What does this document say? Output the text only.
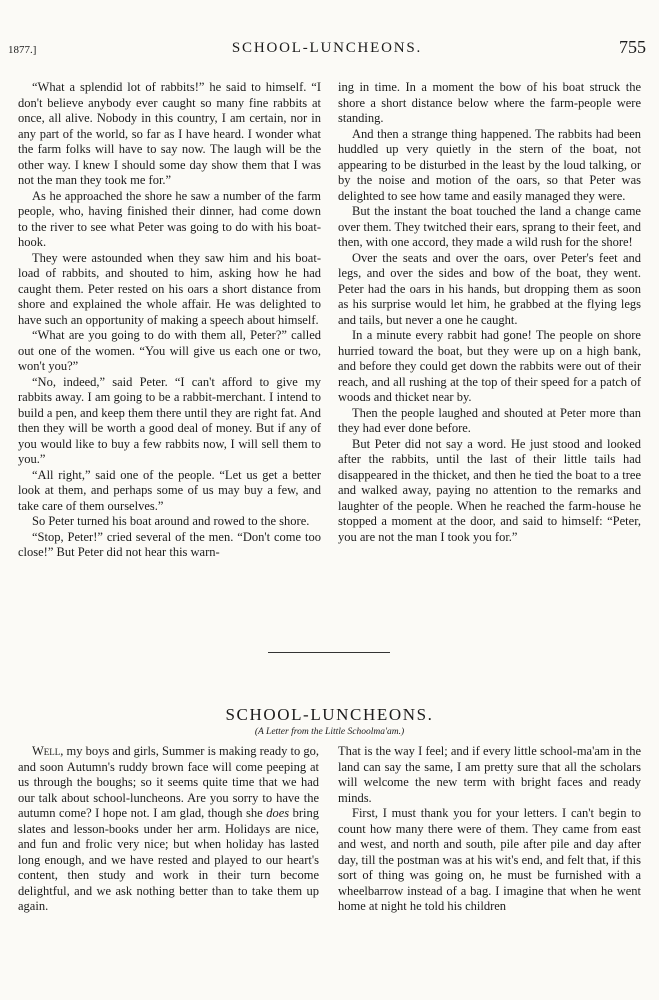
1877.]	SCHOOL-LUNCHEONS.	755

“What a splendid lot of rabbits!” he said to himself. “I don't believe anybody ever caught so many fine rabbits at once, all alive. Nobody in this country, I am certain, nor in any part of the world, so far as I have heard. I wonder what the farm folks will have to say now. The laugh will be the other way. I knew I should some day show them that I was not the man they took me for.”

As he approached the shore he saw a number of the farm people, who, having finished their dinner, had come down to the river to see what Peter was going to do with his boat-hook.

They were astounded when they saw him and his boat-load of rabbits, and shouted to him, asking how he had caught them. Peter rested on his oars a short distance from shore and explained the whole affair. He was delighted to have such an opportunity of making a speech about himself.

“What are you going to do with them all, Peter?” called out one of the women. “You will give us each one or two, won't you?”

“No, indeed,” said Peter. “I can't afford to give my rabbits away. I am going to be a rabbit-merchant. I intend to build a pen, and keep them there until they are right fat. And then they will be worth a good deal of money. But if any of you would like to buy a few rabbits now, I will sell them to you.”

“All right,” said one of the people. “Let us get a better look at them, and perhaps some of us may buy a few, and take care of them ourselves.”

So Peter turned his boat around and rowed to the shore.

“Stop, Peter!” cried several of the men. “Don't come too close!” But Peter did not hear this warn-

ing in time. In a moment the bow of his boat struck the shore a short distance below where the farm-people were standing.

And then a strange thing happened. The rabbits had been huddled up very quietly in the stern of the boat, not appearing to be disturbed in the least by the loud talking, or by the noise and motion of the oars, so that Peter was delighted to see how tame and easily managed they were.

But the instant the boat touched the land a change came over them. They twitched their ears, sprang to their feet, and then, with one accord, they made a wild rush for the shore!

Over the seats and over the oars, over Peter's feet and legs, and over the sides and bow of the boat, they went. Peter had the oars in his hands, but dropping them as soon as his surprise would let him, he grabbed at the flying legs and tails, but never a one he caught.

In a minute every rabbit had gone! The people on shore hurried toward the boat, but they were up on a high bank, and before they could get down the rabbits were out of their reach, and all rushing at the top of their speed for a patch of woods and thicket near by.

Then the people laughed and shouted at Peter more than they had ever done before.

But Peter did not say a word. He just stood and looked after the rabbits, until the last of their little tails had disappeared in the thicket, and then he tied the boat to a tree and walked away, paying no attention to the remarks and laughter of the people. When he reached the farm-house he stopped a moment at the door, and said to himself: “Peter, you are not the man I took you for.”

SCHOOL-LUNCHEONS.
(A Letter from the Little Schoolma'am.)

Well, my boys and girls, Summer is making ready to go, and soon Autumn's ruddy brown face will come peeping at us through the boughs; so it seems quite time that we had our talk about school-luncheons. Are you sorry to have the autumn come? I hope not. I am glad, though she does bring slates and lesson-books under her arm. Holidays are nice, and fun and frolic very nice; but when holiday has lasted long enough, and we have rested and played to our heart's content, then study and work in their turn become delightful, and we ask nothing better than to take them up again.

That is the way I feel; and if every little school-ma'am in the land can say the same, I am pretty sure that all the scholars will welcome the new term with bright faces and ready minds.

First, I must thank you for your letters. I can't begin to count how many there were of them. They came from east and west, and north and south, pile after pile and day after day, till the postman was at his wit's end, and felt that, if this sort of thing was going on, he must be furnished with a wheelbarrow instead of a bag. I imagine that when he went home at night he told his children
